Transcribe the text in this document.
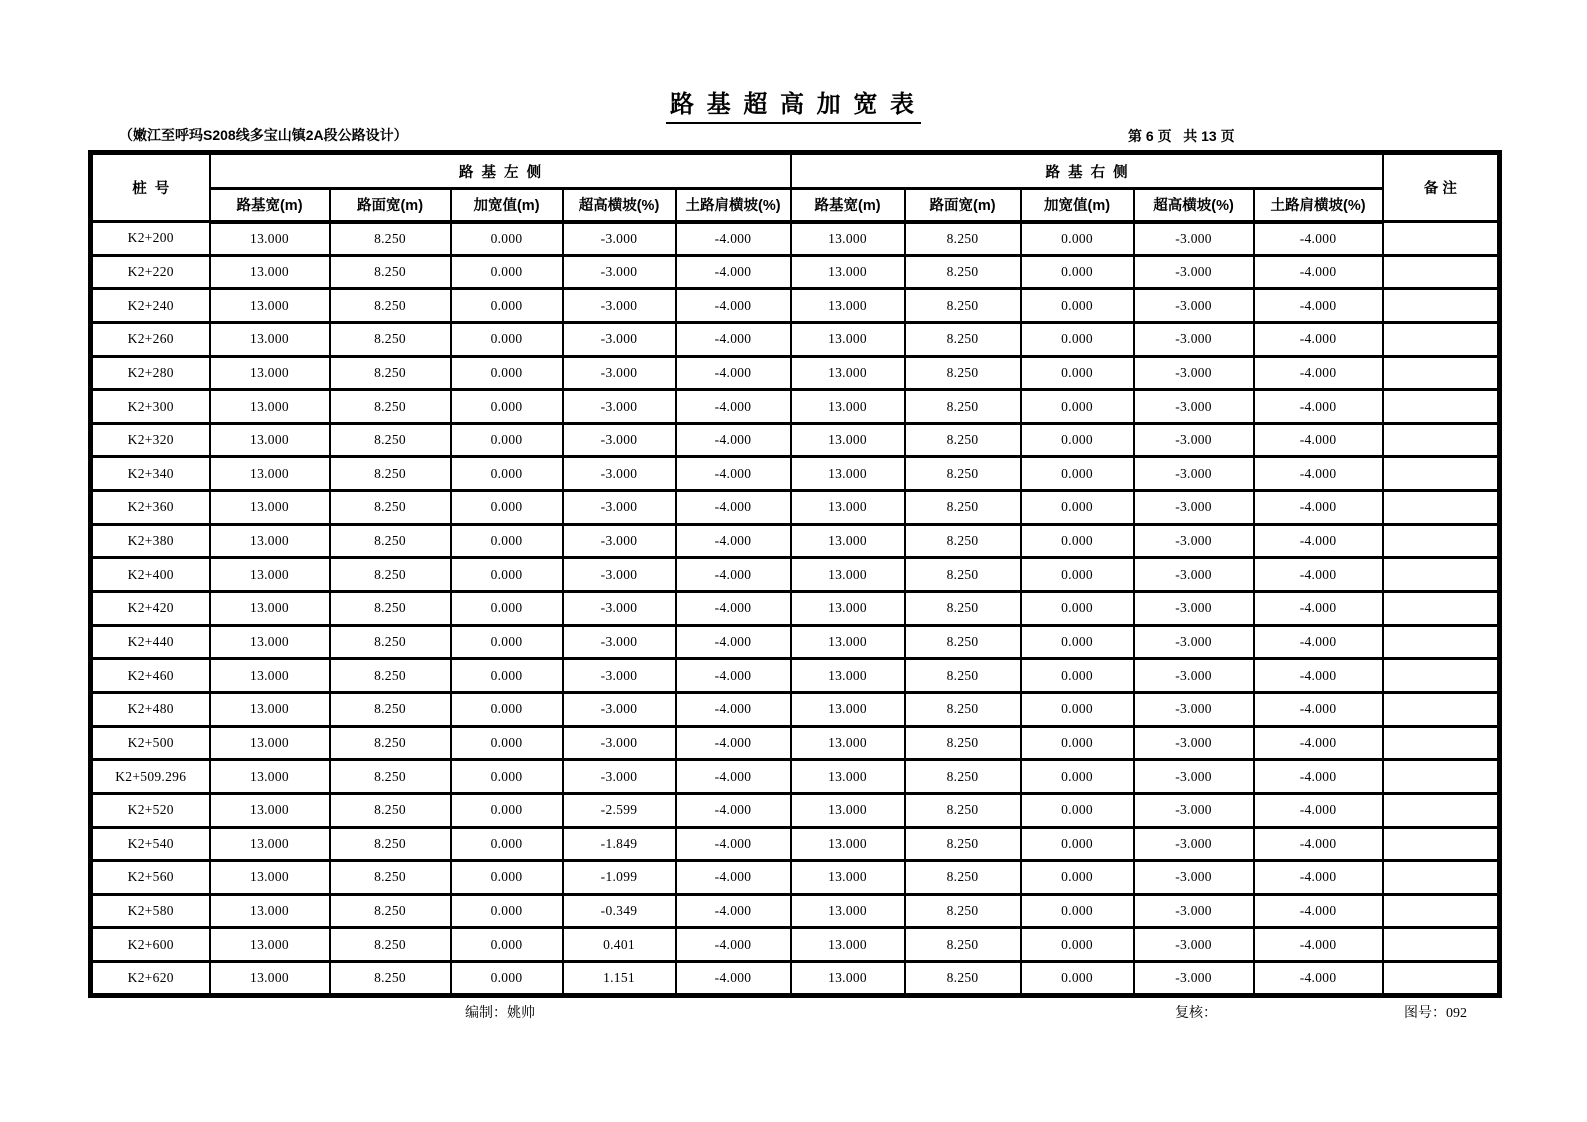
路 基 超 高 加 宽 表
（嫩江至呼玛S208线多宝山镇2A段公路设计）	第 6 页   共 13 页
桩  号	路  基  左  侧					路  基  右  侧					备 注
	路基宽(m)	路面宽(m)	加宽值(m)	超高横坡(%)	土路肩横坡(%)	路基宽(m)	路面宽(m)	加宽值(m)	超高横坡(%)	土路肩横坡(%)	
K2+200	13.000	8.250	0.000	-3.000	-4.000	13.000	8.250	0.000	-3.000	-4.000	
K2+220	13.000	8.250	0.000	-3.000	-4.000	13.000	8.250	0.000	-3.000	-4.000	
K2+240	13.000	8.250	0.000	-3.000	-4.000	13.000	8.250	0.000	-3.000	-4.000	
K2+260	13.000	8.250	0.000	-3.000	-4.000	13.000	8.250	0.000	-3.000	-4.000	
K2+280	13.000	8.250	0.000	-3.000	-4.000	13.000	8.250	0.000	-3.000	-4.000	
K2+300	13.000	8.250	0.000	-3.000	-4.000	13.000	8.250	0.000	-3.000	-4.000	
K2+320	13.000	8.250	0.000	-3.000	-4.000	13.000	8.250	0.000	-3.000	-4.000	
K2+340	13.000	8.250	0.000	-3.000	-4.000	13.000	8.250	0.000	-3.000	-4.000	
K2+360	13.000	8.250	0.000	-3.000	-4.000	13.000	8.250	0.000	-3.000	-4.000	
K2+380	13.000	8.250	0.000	-3.000	-4.000	13.000	8.250	0.000	-3.000	-4.000	
K2+400	13.000	8.250	0.000	-3.000	-4.000	13.000	8.250	0.000	-3.000	-4.000	
K2+420	13.000	8.250	0.000	-3.000	-4.000	13.000	8.250	0.000	-3.000	-4.000	
K2+440	13.000	8.250	0.000	-3.000	-4.000	13.000	8.250	0.000	-3.000	-4.000	
K2+460	13.000	8.250	0.000	-3.000	-4.000	13.000	8.250	0.000	-3.000	-4.000	
K2+480	13.000	8.250	0.000	-3.000	-4.000	13.000	8.250	0.000	-3.000	-4.000	
K2+500	13.000	8.250	0.000	-3.000	-4.000	13.000	8.250	0.000	-3.000	-4.000	
K2+509.296	13.000	8.250	0.000	-3.000	-4.000	13.000	8.250	0.000	-3.000	-4.000	
K2+520	13.000	8.250	0.000	-2.599	-4.000	13.000	8.250	0.000	-3.000	-4.000	
K2+540	13.000	8.250	0.000	-1.849	-4.000	13.000	8.250	0.000	-3.000	-4.000	
K2+560	13.000	8.250	0.000	-1.099	-4.000	13.000	8.250	0.000	-3.000	-4.000	
K2+580	13.000	8.250	0.000	-0.349	-4.000	13.000	8.250	0.000	-3.000	-4.000	
K2+600	13.000	8.250	0.000	0.401	-4.000	13.000	8.250	0.000	-3.000	-4.000	
K2+620	13.000	8.250	0.000	1.151	-4.000	13.000	8.250	0.000	-3.000	-4.000	
编制：姚帅	复核：	图号：092
